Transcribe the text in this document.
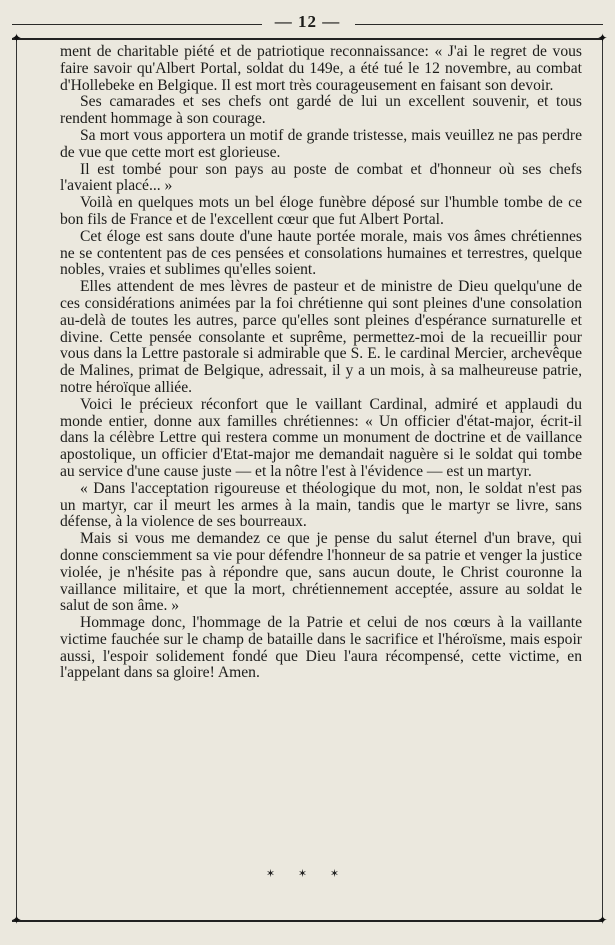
— 12 —
✦	✦
✦	✦

ment de charitable piété et de patriotique reconnaissance: « J'ai le regret de vous faire savoir qu'Albert Portal, soldat du 149e, a été tué le 12 novembre, au combat d'Hollebeke en Belgique. Il est mort très courageusement en faisant son devoir.

Ses camarades et ses chefs ont gardé de lui un excellent souvenir, et tous rendent hommage à son courage.

Sa mort vous apportera un motif de grande tristesse, mais veuillez ne pas perdre de vue que cette mort est glorieuse.

Il est tombé pour son pays au poste de combat et d'honneur où ses chefs l'avaient placé... »

Voilà en quelques mots un bel éloge funèbre déposé sur l'humble tombe de ce bon fils de France et de l'excellent cœur que fut Albert Portal.

Cet éloge est sans doute d'une haute portée morale, mais vos âmes chrétiennes ne se contentent pas de ces pensées et consolations humaines et terrestres, quelque nobles, vraies et sublimes qu'elles soient.

Elles attendent de mes lèvres de pasteur et de ministre de Dieu quelqu'une de ces considérations animées par la foi chrétienne qui sont pleines d'une consolation au-delà de toutes les autres, parce qu'elles sont pleines d'espérance surnaturelle et divine. Cette pensée consolante et suprême, permettez-moi de la recueillir pour vous dans la Lettre pastorale si admirable que S. E. le cardinal Mercier, archevêque de Malines, primat de Belgique, adressait, il y a un mois, à sa malheureuse patrie, notre héroïque alliée.

Voici le précieux réconfort que le vaillant Cardinal, admiré et applaudi du monde entier, donne aux familles chrétiennes: « Un officier d'état-major, écrit-il dans la célèbre Lettre qui restera comme un monument de doctrine et de vaillance apostolique, un officier d'Etat-major me demandait naguère si le soldat qui tombe au service d'une cause juste — et la nôtre l'est à l'évidence — est un martyr.

« Dans l'acceptation rigoureuse et théologique du mot, non, le soldat n'est pas un martyr, car il meurt les armes à la main, tandis que le martyr se livre, sans défense, à la violence de ses bourreaux.

Mais si vous me demandez ce que je pense du salut éternel d'un brave, qui donne consciemment sa vie pour défendre l'honneur de sa patrie et venger la justice violée, je n'hésite pas à répondre que, sans aucun doute, le Christ couronne la vaillance militaire, et que la mort, chrétiennement acceptée, assure au soldat le salut de son âme. »

Hommage donc, l'hommage de la Patrie et celui de nos cœurs à la vaillante victime fauchée sur le champ de bataille dans le sacrifice et l'héroïsme, mais espoir aussi, l'espoir solidement fondé que Dieu l'aura récompensé, cette victime, en l'appelant dans sa gloire! Amen.

✶ ✶ ✶
